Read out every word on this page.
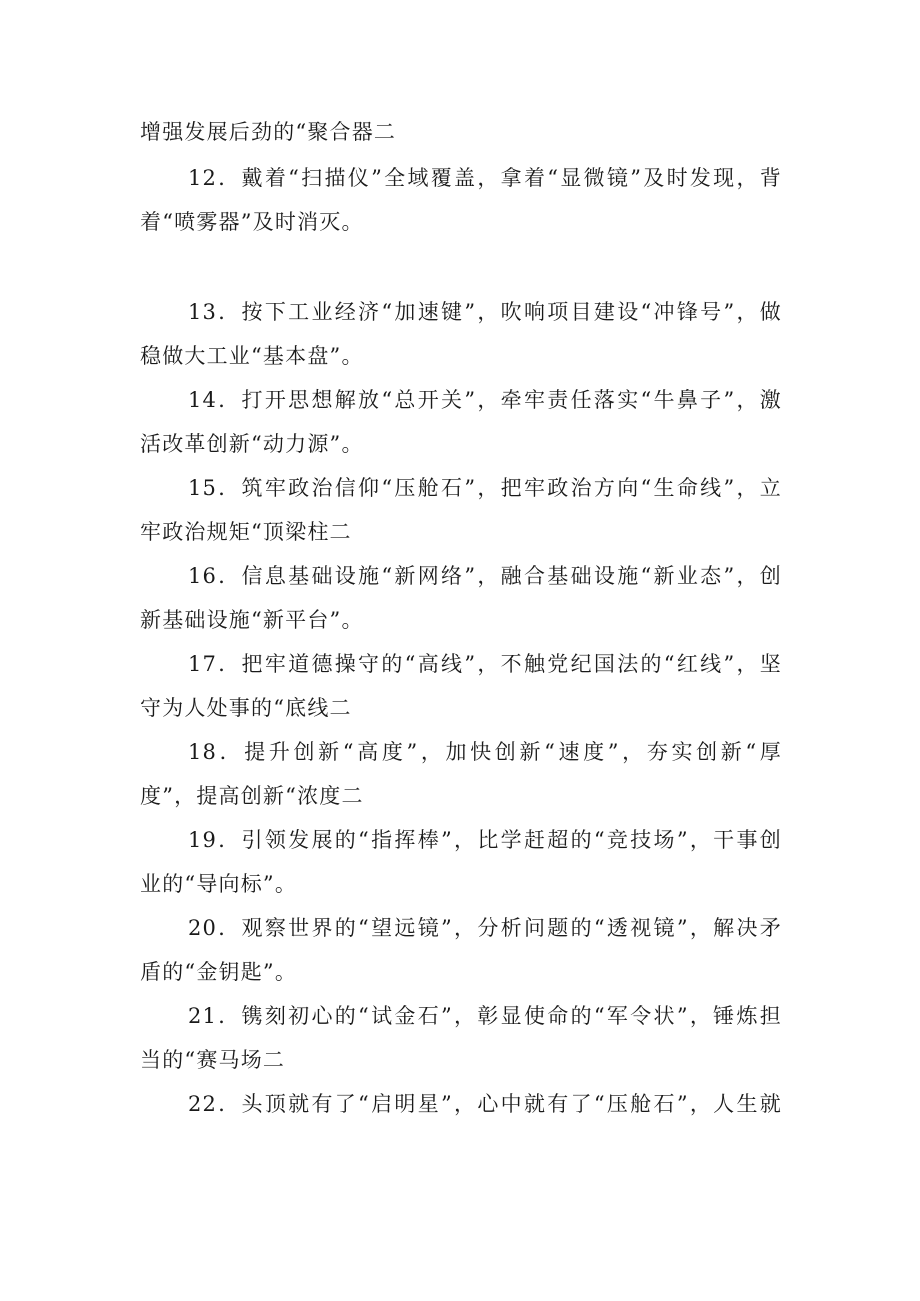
增强发展后劲的“聚合器二
12．戴着“扫描仪”全域覆盖，拿着“显微镜”及时发现，背
着“喷雾器”及时消灭。
13．按下工业经济“加速键”，吹响项目建设“冲锋号”，做
稳做大工业“基本盘”。
14．打开思想解放“总开关”，牵牢责任落实“牛鼻子”，激
活改革创新“动力源”。
15．筑牢政治信仰“压舱石”，把牢政治方向“生命线”，立
牢政治规矩“顶梁柱二
16．信息基础设施“新网络”，融合基础设施“新业态”，创
新基础设施“新平台”。
17．把牢道德操守的“高线”，不触党纪国法的“红线”，坚
守为人处事的“底线二
18．提升创新“高度”，加快创新“速度”，夯实创新“厚
度”，提高创新“浓度二
19．引领发展的“指挥棒”，比学赶超的“竞技场”，干事创
业的“导向标”。
20．观察世界的“望远镜”，分析问题的“透视镜”，解决矛
盾的“金钥匙”。
21．镌刻初心的“试金石”，彰显使命的“军令状”，锤炼担
当的“赛马场二
22．头顶就有了“启明星”，心中就有了“压舱石”，人生就
